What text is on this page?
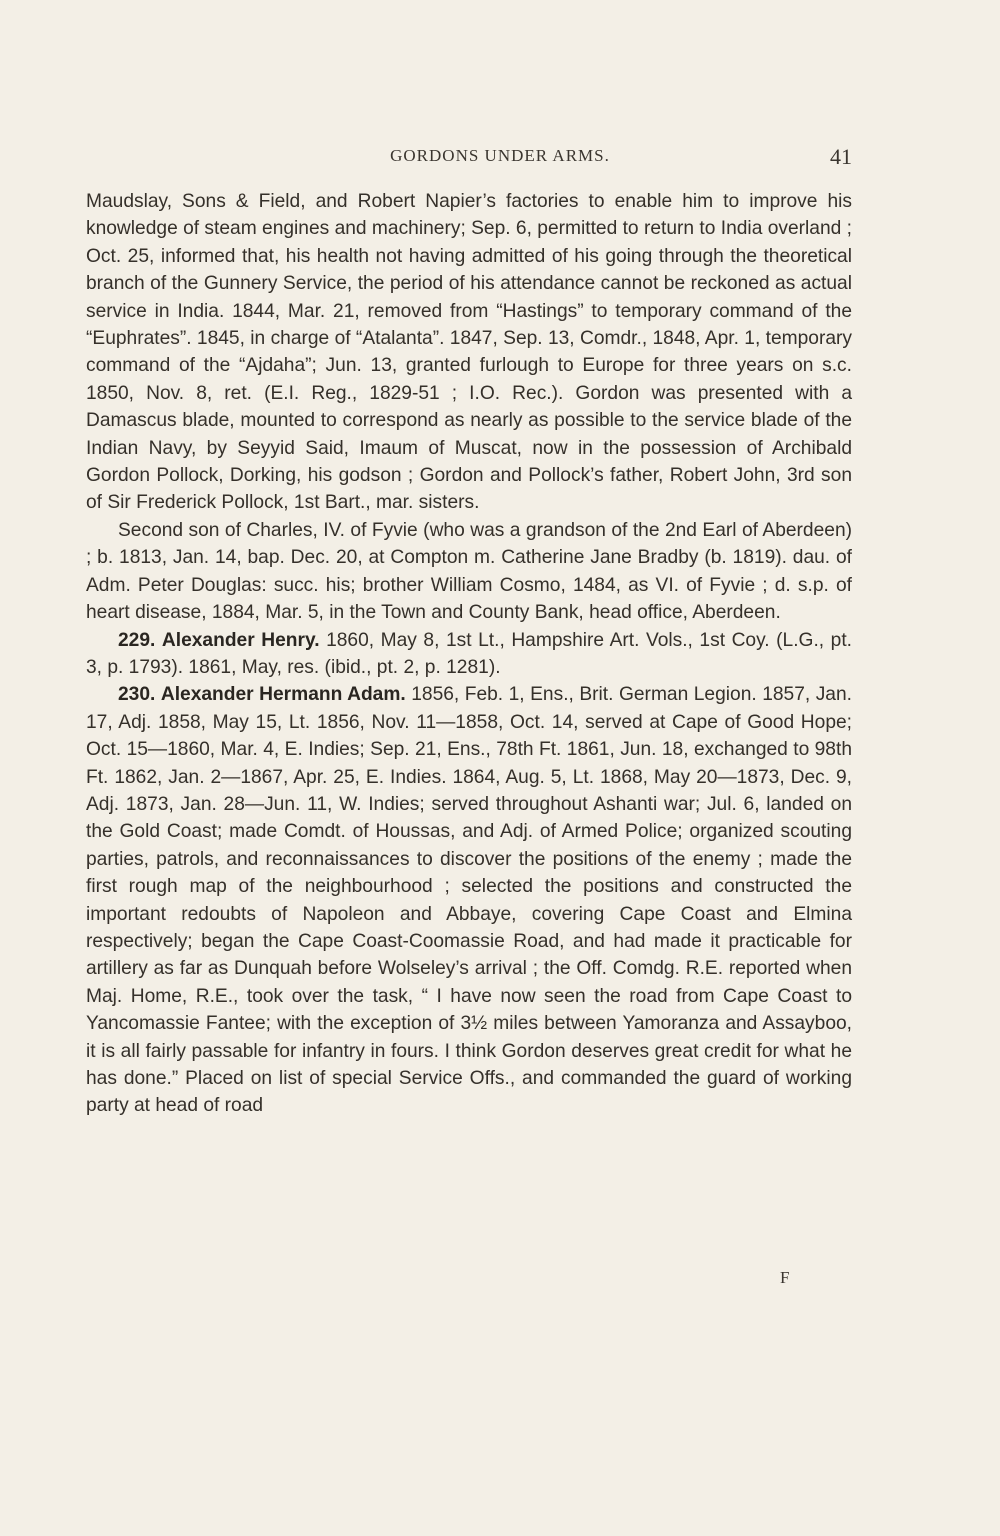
GORDONS UNDER ARMS.	41

Maudslay, Sons & Field, and Robert Napier’s factories to enable him to improve his knowledge of steam engines and machinery; Sep. 6, permitted to return to India overland ; Oct. 25, informed that, his health not having admitted of his going through the theoretical branch of the Gunnery Service, the period of his attendance cannot be reckoned as actual service in India. 1844, Mar. 21, removed from “Hastings” to temporary command of the “Euphrates”. 1845, in charge of “Atalanta”. 1847, Sep. 13, Comdr., 1848, Apr. 1, temporary command of the “Ajdaha”; Jun. 13, granted furlough to Europe for three years on s.c. 1850, Nov. 8, ret. (E.I. Reg., 1829-51 ; I.O. Rec.). Gordon was presented with a Damascus blade, mounted to correspond as nearly as possible to the service blade of the Indian Navy, by Seyyid Said, Imaum of Muscat, now in the possession of Archibald Gordon Pollock, Dorking, his godson ; Gordon and Pollock’s father, Robert John, 3rd son of Sir Frederick Pollock, 1st Bart., mar. sisters.

Second son of Charles, IV. of Fyvie (who was a grandson of the 2nd Earl of Aberdeen) ; b. 1813, Jan. 14, bap. Dec. 20, at Compton m. Catherine Jane Bradby (b. 1819). dau. of Adm. Peter Douglas: succ. his; brother William Cosmo, 1484, as VI. of Fyvie ; d. s.p. of heart disease, 1884, Mar. 5, in the Town and County Bank, head office, Aberdeen.

229. Alexander Henry. 1860, May 8, 1st Lt., Hampshire Art. Vols., 1st Coy. (L.G., pt. 3, p. 1793). 1861, May, res. (ibid., pt. 2, p. 1281).

230. Alexander Hermann Adam. 1856, Feb. 1, Ens., Brit. German Legion. 1857, Jan. 17, Adj. 1858, May 15, Lt. 1856, Nov. 11—1858, Oct. 14, served at Cape of Good Hope; Oct. 15—1860, Mar. 4, E. Indies; Sep. 21, Ens., 78th Ft. 1861, Jun. 18, exchanged to 98th Ft. 1862, Jan. 2—1867, Apr. 25, E. Indies. 1864, Aug. 5, Lt. 1868, May 20—1873, Dec. 9, Adj. 1873, Jan. 28—Jun. 11, W. Indies; served throughout Ashanti war; Jul. 6, landed on the Gold Coast; made Comdt. of Houssas, and Adj. of Armed Police; organized scouting parties, patrols, and reconnaissances to discover the positions of the enemy ; made the first rough map of the neighbourhood ; selected the positions and constructed the important redoubts of Napoleon and Abbaye, covering Cape Coast and Elmina respectively; began the Cape Coast-Coomassie Road, and had made it practicable for artillery as far as Dunquah before Wolseley’s arrival ; the Off. Comdg. R.E. reported when Maj. Home, R.E., took over the task, “ I have now seen the road from Cape Coast to Yancomassie Fantee; with the exception of 3½ miles between Yamoranza and Assayboo, it is all fairly passable for infantry in fours. I think Gordon deserves great credit for what he has done.” Placed on list of special Service Offs., and commanded the guard of working party at head of road

F
